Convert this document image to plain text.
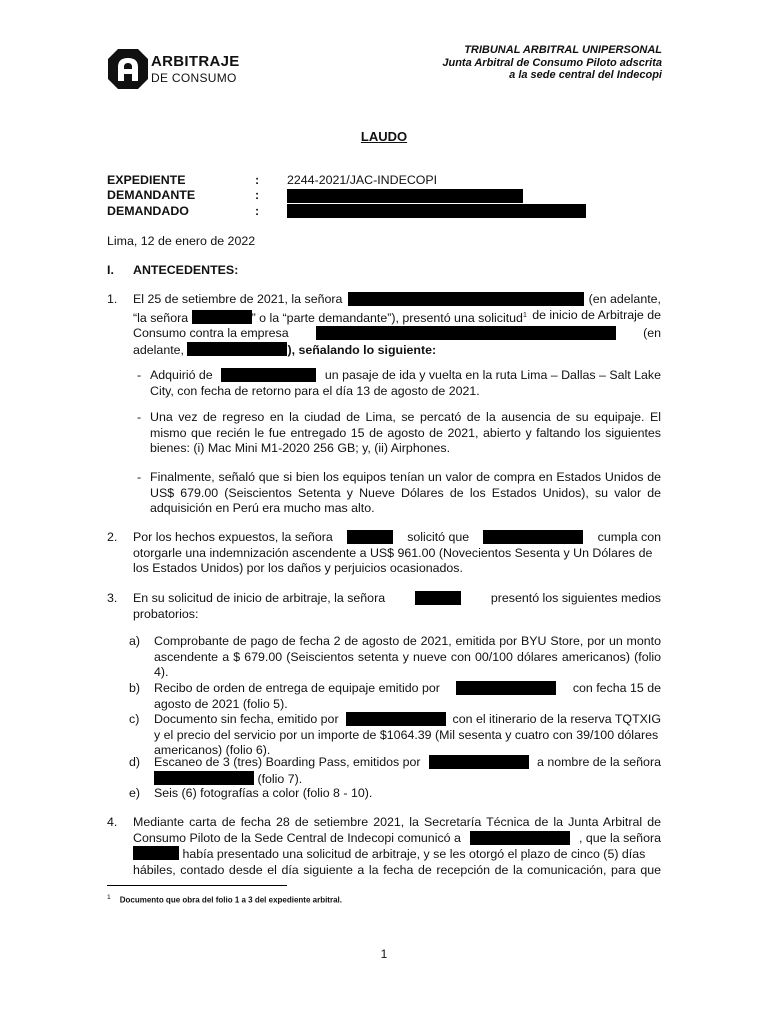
ARBITRAJE
DE CONSUMO
TRIBUNAL ARBITRAL UNIPERSONAL
Junta Arbitral de Consumo Piloto adscrita
a la sede central del Indecopi
LAUDO
EXPEDIENTE	: 2244-2021/JAC-INDECOPI
DEMANDANTE	:
DEMANDADO	:
Lima, 12 de enero de 2022
I. ANTECEDENTES:
1. El 25 de setiembre de 2021, la señora	(en adelante,
“la señora	” o la “parte demandante”), presentó una solicitud$^1$ de inicio de Arbitraje de
Consumo contra la empresa	(en
adelante,	), señalando lo siguiente:
- Adquirió de	un pasaje de ida y vuelta en la ruta Lima – Dallas – Salt Lake
City, con fecha de retorno para el día 13 de agosto de 2021.
- Una vez de regreso en la ciudad de Lima, se percató de la ausencia de su equipaje. El mismo que recién le fue entregado 15 de agosto de 2021, abierto y faltando los siguientes bienes: (i) Mac Mini M1-2020 256 GB; y, (ii) Airphones.
- Finalmente, señaló que si bien los equipos tenían un valor de compra en Estados Unidos de US$ 679.00 (Seiscientos Setenta y Nueve Dólares de los Estados Unidos), su valor de adquisición en Perú era mucho mas alto.
2. Por los hechos expuestos, la señora	solicitó que	cumpla con
otorgarle una indemnización ascendente a US$ 961.00 (Novecientos Sesenta y Un Dólares de
los Estados Unidos) por los daños y perjuicios ocasionados.
3. En su solicitud de inicio de arbitraje, la señora	presentó los siguientes medios
probatorios:
a) Comprobante de pago de fecha 2 de agosto de 2021, emitida por BYU Store, por un monto ascendente a $ 679.00 (Seiscientos setenta y nueve con 00/100 dólares americanos) (folio 4).
b) Recibo de orden de entrega de equipaje emitido por	con fecha 15 de
agosto de 2021 (folio 5).
c) Documento sin fecha, emitido por	con el itinerario de la reserva TQTXIG
y el precio del servicio por un importe de $1064.39 (Mil sesenta y cuatro con 39/100 dólares
americanos) (folio 6).
d) Escaneo de 3 (tres) Boarding Pass, emitidos por	a nombre de la señora
(folio 7).
e) Seis (6) fotografías a color (folio 8 - 10).
4. Mediante carta de fecha 28 de setiembre 2021, la Secretaría Técnica de la Junta Arbitral de
Consumo Piloto de la Sede Central de Indecopi comunicó a	, que la señora
había presentado una solicitud de arbitraje, y se les otorgó el plazo de cinco (5) días
hábiles, contado desde el día siguiente a la fecha de recepción de la comunicación, para que
$^1$ Documento que obra del folio 1 a 3 del expediente arbitral.
1
